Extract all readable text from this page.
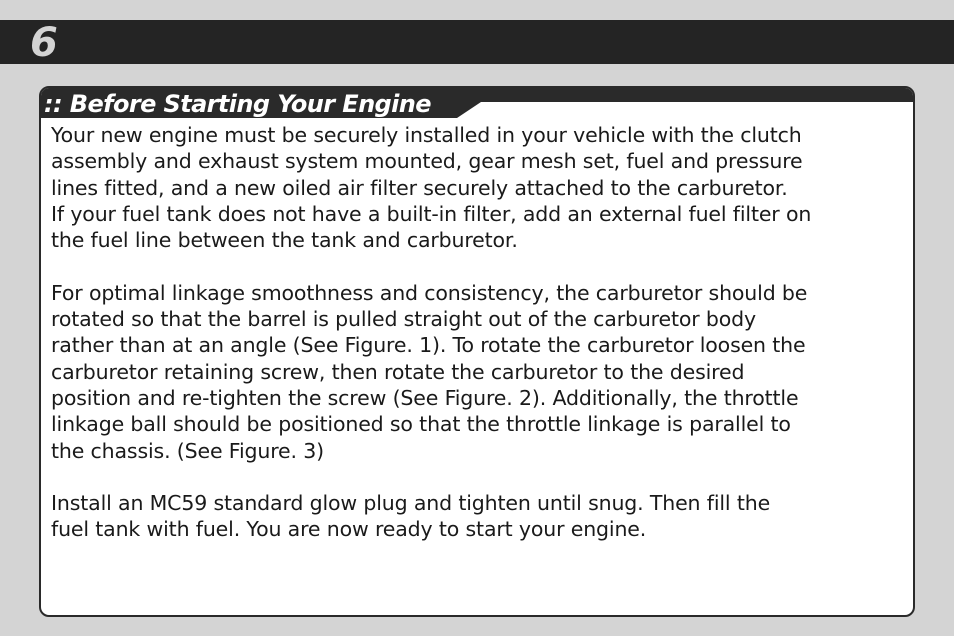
6
:: Before Starting Your Engine

Your new engine must be securely installed in your vehicle with the clutch
assembly and exhaust system mounted, gear mesh set, fuel and pressure
lines fitted, and a new oiled air filter securely attached to the carburetor.
If your fuel tank does not have a built-in filter, add an external fuel filter on
the fuel line between the tank and carburetor.

For optimal linkage smoothness and consistency, the carburetor should be
rotated so that the barrel is pulled straight out of the carburetor body
rather than at an angle (See Figure. 1). To rotate the carburetor loosen the
carburetor retaining screw, then rotate the carburetor to the desired
position and re-tighten the screw (See Figure. 2). Additionally, the throttle
linkage ball should be positioned so that the throttle linkage is parallel to
the chassis. (See Figure. 3)

Install an MC59 standard glow plug and tighten until snug. Then fill the
fuel tank with fuel. You are now ready to start your engine.
